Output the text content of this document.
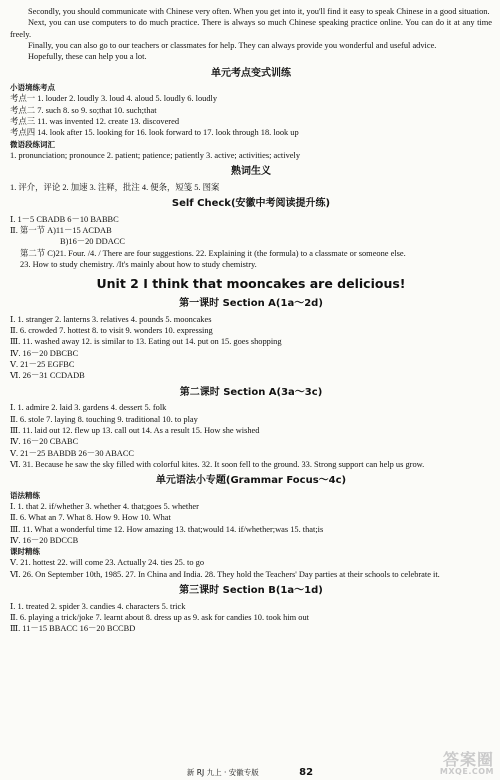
Secondly, you should communicate with Chinese very often. When you get into it, you'll find it easy to speak Chinese in a good situation.

Next, you can use computers to do much practice. There is always so much Chinese speaking practice online. You can do it at any time freely.

Finally, you can also go to our teachers or classmates for help. They can always provide you wonderful and useful advice.

Hopefully, these can help you a lot.

单元考点变式训练
小语境练考点
考点一 1. louder 2. loudly 3. loud 4. aloud 5. loudly 6. loudly
考点二 7. such 8. so 9. so;that 10. such;that
考点三 11. was invented 12. create 13. discovered
考点四 14. look after 15. looking for 16. look forward to 17. look through 18. look up
微语段练词汇
1. pronunciation; pronounce 2. patient; patience; patiently 3. active; activities; actively
熟词生义
1. 评介，评论 2. 加速 3. 注释，批注 4. 便条，短笺 5. 图案
Self Check(安徽中考阅读提升练)
Ⅰ. 1－5 CBADB 6－10 BABBC
Ⅱ. 第一节 A)11－15 ACDAB
B)16－20 DDACC
第二节 C)21. Four. /4. / There are four suggestions. 22. Explaining it (the formula) to a classmate or someone else.
23. How to study chemistry. /It's mainly about how to study chemistry.
Unit 2 I think that mooncakes are delicious!
第一课时 Section A(1a～2d)
Ⅰ. 1. stranger 2. lanterns 3. relatives 4. pounds 5. mooncakes
Ⅱ. 6. crowded 7. hottest 8. to visit 9. wonders 10. expressing
Ⅲ. 11. washed away 12. is similar to 13. Eating out 14. put on 15. goes shopping
Ⅳ. 16－20 DBCBC
Ⅴ. 21－25 EGFBC
Ⅵ. 26－31 CCDADB
第二课时 Section A(3a～3c)
Ⅰ. 1. admire 2. laid 3. gardens 4. dessert 5. folk
Ⅱ. 6. stole 7. laying 8. touching 9. traditional 10. to play
Ⅲ. 11. laid out 12. flew up 13. call out 14. As a result 15. How she wished
Ⅳ. 16－20 CBABC
Ⅴ. 21－25 BABDB 26－30 ABACC

Ⅵ. 31. Because he saw the sky filled with colorful kites. 32. It soon fell to the ground. 33. Strong support can help us grow.

单元语法小专题(Grammar Focus～4c)
语法精练
Ⅰ. 1. that 2. if/whether 3. whether 4. that;goes 5. whether
Ⅱ. 6. What an 7. What 8. How 9. How 10. What
Ⅲ. 11. What a wonderful time 12. How amazing 13. that;would 14. if/whether;was 15. that;is
Ⅳ. 16－20 BDCCB
课时精练
Ⅴ. 21. hottest 22. will come 23. Actually 24. ties 25. to go

Ⅵ. 26. On September 10th, 1985. 27. In China and India. 28. They hold the Teachers' Day parties at their schools to celebrate it.

第三课时 Section B(1a～1d)
Ⅰ. 1. treated 2. spider 3. candies 4. characters 5. trick
Ⅱ. 6. playing a trick/joke 7. learnt about 8. dress up as 9. ask for candies 10. took him out
Ⅲ. 11－15 BBACC 16－20 BCCBD
新 RJ 九上 · 安徽专版	82
答案圈
MXQE.COM
